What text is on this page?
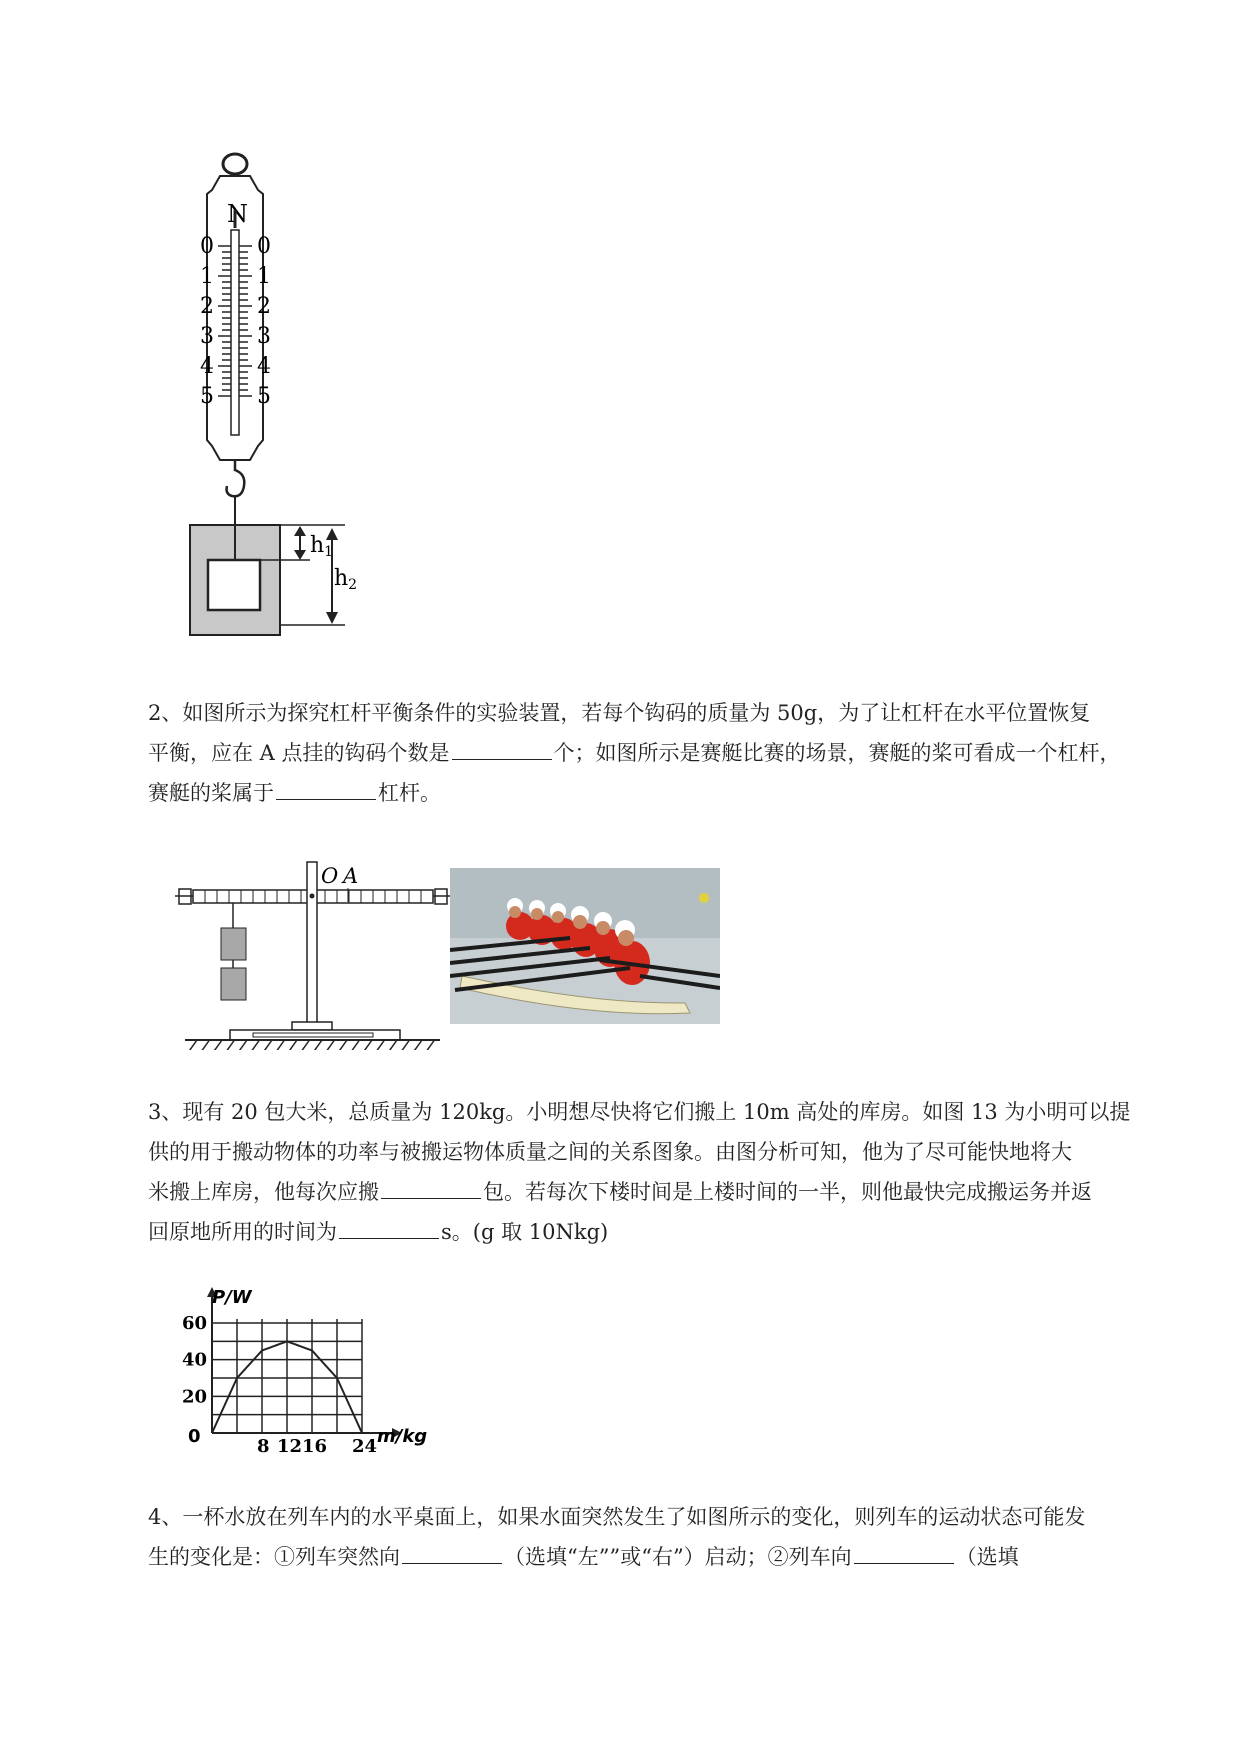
N
0
1
2
3
4
5
0
1
2
3
4
5
h1
h2
2、如图所示为探究杠杆平衡条件的实验装置，若每个钩码的质量为 50g，为了让杠杆在水平位置恢复
平衡，应在 A 点挂的钩码个数是	个；如图所示是赛艇比赛的场景，赛艇的桨可看成一个杠杆，
赛艇的桨属于	杠杆。
O A
3、现有 20 包大米，总质量为 120kg。小明想尽快将它们搬上 10m 高处的库房。如图 13 为小明可以提
供的用于搬动物体的功率与被搬运物体质量之间的关系图象。由图分析可知，他为了尽可能快地将大
米搬上库房，他每次应搬	包。若每次下楼时间是上楼时间的一半，则他最快完成搬运务并返
回原地所用的时间为	s。(g 取 10Nkg)
P/W
m/kg
0
20
40
60
8 12 16 24
4、一杯水放在列车内的水平桌面上，如果水面突然发生了如图所示的变化，则列车的运动状态可能发
生的变化是：①列车突然向	（选填“左””或“右”）启动；②列车向	（选填
